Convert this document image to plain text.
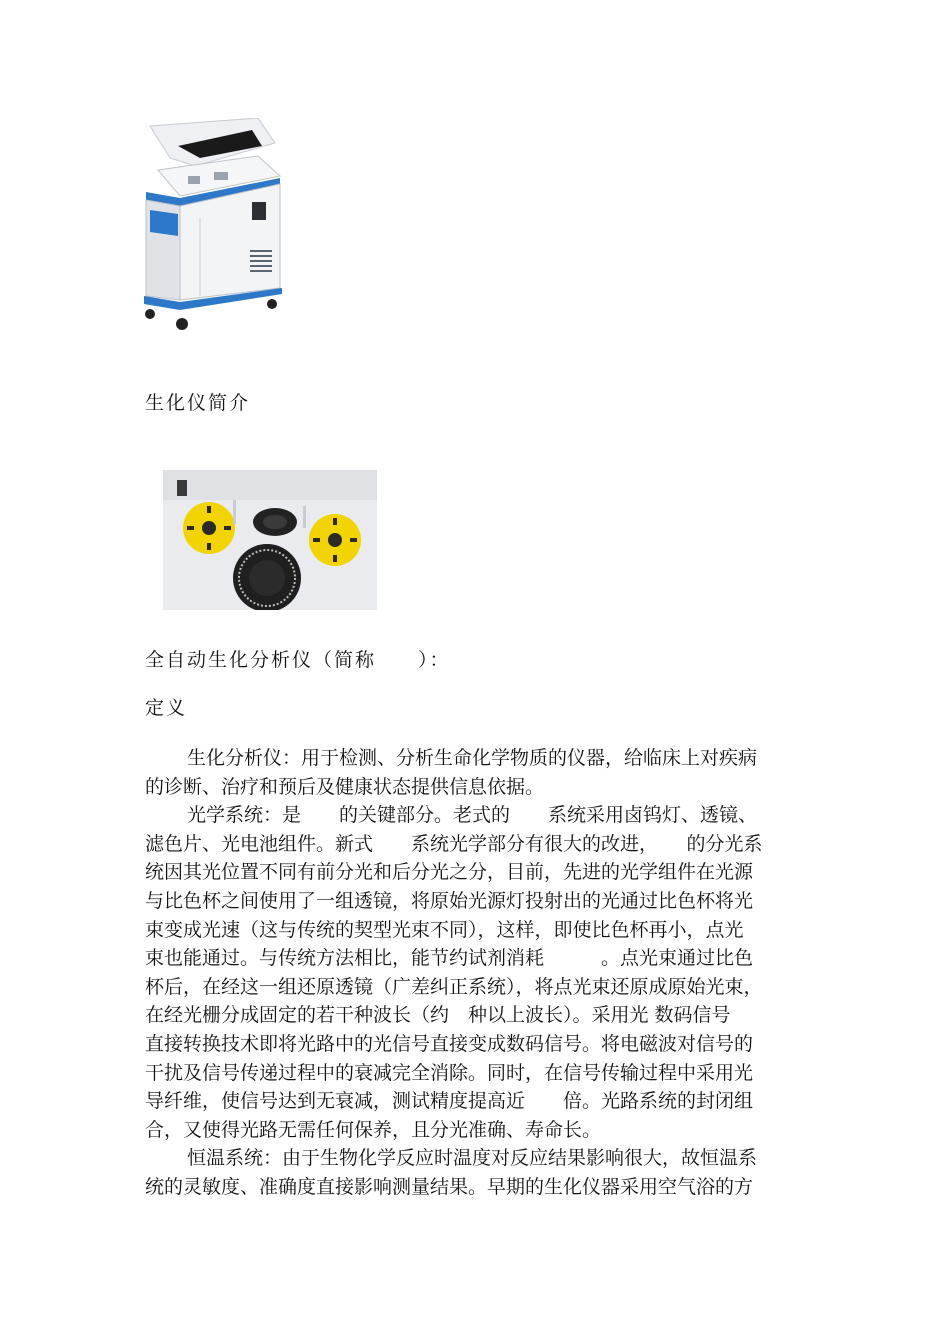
生化仪简介
全自动生化分析仪（简称　　）：
定义
生化分析仪：用于检测、分析生命化学物质的仪器，给临床上对疾病
的诊断、治疗和预后及健康状态提供信息依据。
光学系统：是　　的关键部分。老式的　　系统采用卤钨灯、透镜、
滤色片、光电池组件。新式　　系统光学部分有很大的改进，　　的分光系
统因其光位置不同有前分光和后分光之分，目前，先进的光学组件在光源
与比色杯之间使用了一组透镜，将原始光源灯投射出的光通过比色杯将光
束变成光速（这与传统的契型光束不同），这样，即使比色杯再小，点光
束也能通过。与传统方法相比，能节约试剂消耗　　　。点光束通过比色
杯后，在经这一组还原透镜（广差纠正系统），将点光束还原成原始光束，
在经光栅分成固定的若干种波长（约　种以上波长）。采用光 数码信号
直接转换技术即将光路中的光信号直接变成数码信号。将电磁波对信号的
干扰及信号传递过程中的衰减完全消除。同时，在信号传输过程中采用光
导纤维，使信号达到无衰减，测试精度提高近　　倍。光路系统的封闭组
合，又使得光路无需任何保养，且分光准确、寿命长。
恒温系统：由于生物化学反应时温度对反应结果影响很大，故恒温系
统的灵敏度、准确度直接影响测量结果。早期的生化仪器采用空气浴的方
